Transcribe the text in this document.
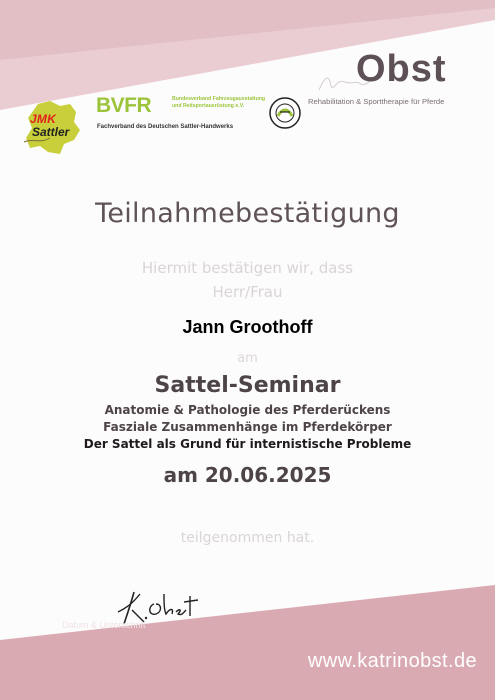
JMK
Sattler
BVFR	Bundesverband Fahrzeugausstattung und Reitsportausrüstung e.V.
Fachverband des Deutschen Sattler-Handwerks
Obst
Rehabilitation & Sporttherapie für Pferde
Teilnahmebestätigung
Hiermit bestätigen wir, dass
Herr/Frau
Jann Groothoff
am
Sattel-Seminar
Anatomie & Pathologie des Pferderückens
Fasziale Zusammenhänge im Pferdekörper
Der Sattel als Grund für internistische Probleme
am 20.06.2025
teilgenommen hat.
Datum & Unterschrift
www.katrinobst.de
